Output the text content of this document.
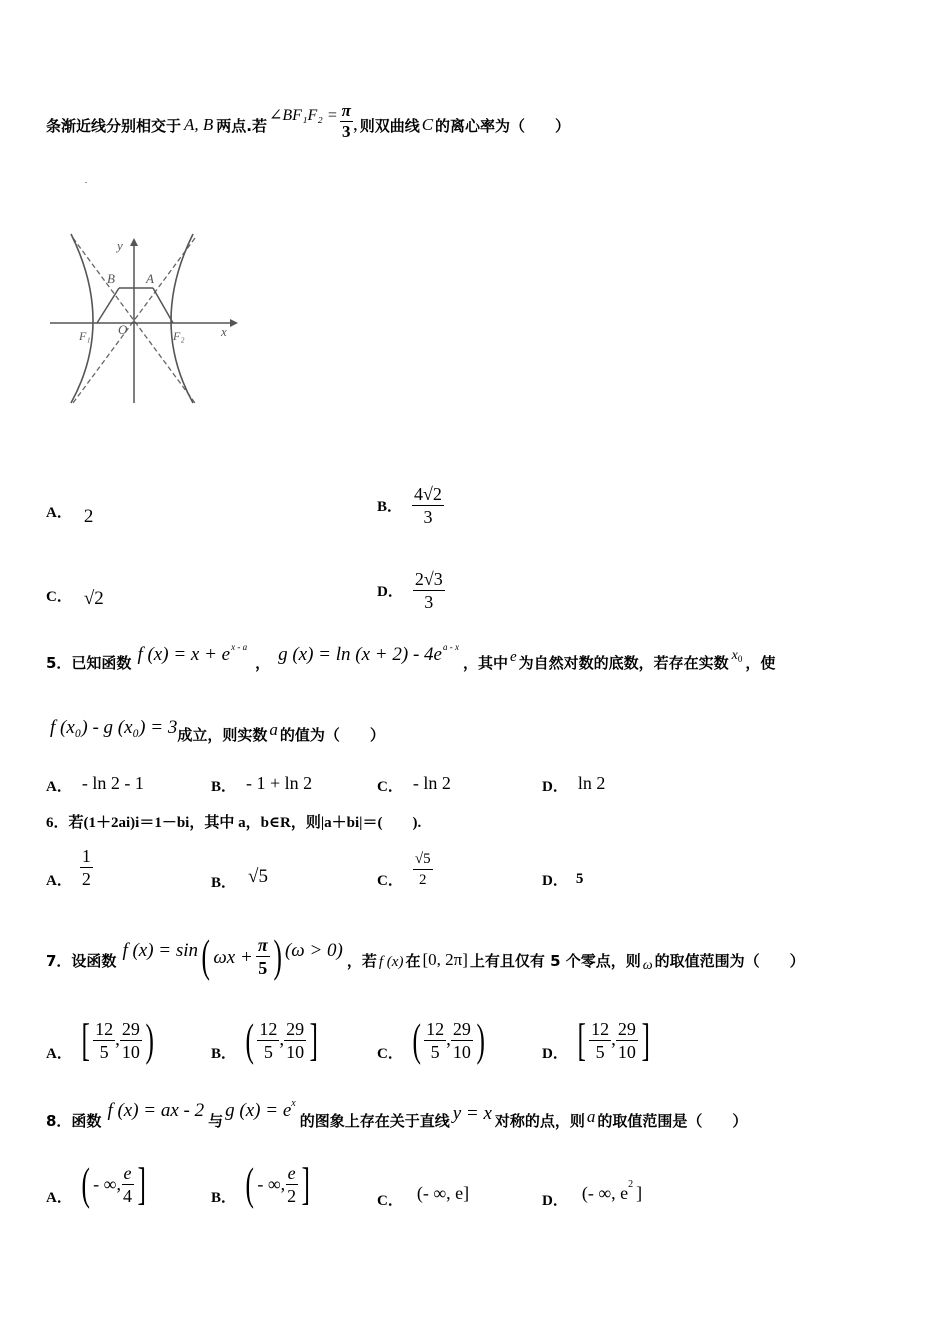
条渐近线分别相交于 A, B 两点.若
∠BF₁F₂ = $\frac{\pi}{3}$ , 则双曲线 C 的离心率为（　　）
y
x
B A
O
F₁	F₂
A． 2	B． $\frac{4√2}{3}$
C． √2	D． $\frac{2√3}{3}$
5．已知函数 f (x) = x + e x - a
， g (x) = ln (x + 2) - 4e a - x
，其中 e 为自然对数的底数，若存在实数 x 0 ，使
f (x₀) - g (x₀) = 3 成立，则实数 a 的值为（　　）
A． - ln 2 - 1	B． - 1 + ln 2	C． - ln 2	D． ln 2
6．若(1＋2ai)i＝1－bi，其中 a，b∈R，则|a＋bi|＝(　　).
A． $\frac{1}{2}$	B． √5	C． $\frac{√5}{2}$	D． 5
7．设函数 f (x) = sin ( $\omega x + \frac{\pi}{5}$ ) (ω > 0) ，若 f (x) 在 [0, 2π] 上有且仅有 5 个零点，则 ω 的取值范围为（　　）
A． [ $\frac{12}{5}$ , $\frac{29}{10}$ )	B． ( $\frac{12}{5}$ , $\frac{29}{10}$ ]	C． ( $\frac{12}{5}$ , $\frac{29}{10}$ )	D． [ $\frac{12}{5}$ , $\frac{29}{10}$ ]
8．函数 f (x) = ax - 2 与 g (x) = e x
的图象上存在关于直线 y = x 对称的点，则 a 的取值范围是（　　）
A． ( - ∞, $\frac{e}{4}$ ]	B． ( - ∞, $\frac{e}{2}$ ]	C． (- ∞, e]	D． (- ∞, e 2 ]
